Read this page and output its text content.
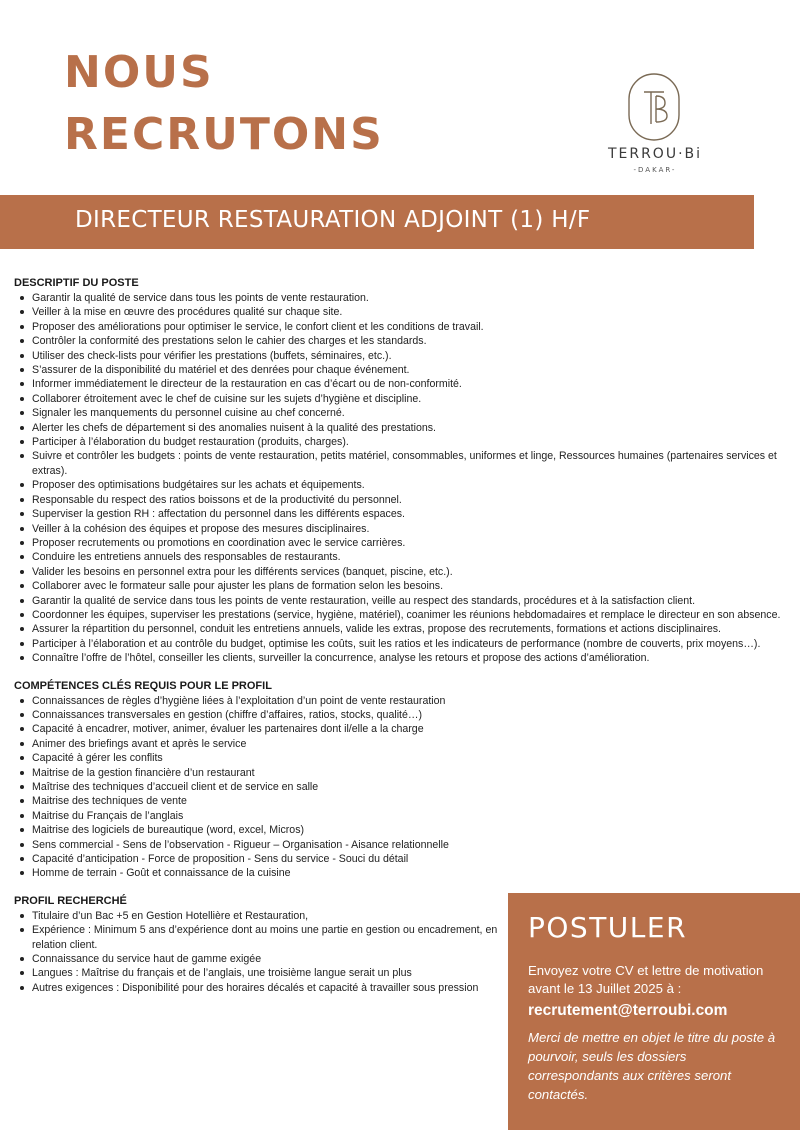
NOUS
RECRUTONS	TERROU·Bi
-DAKAR-
DIRECTEUR RESTAURATION ADJOINT (1) H/F
DESCRIPTIF DU POSTE
Garantir la qualité de service dans tous les points de vente restauration.
Veiller à la mise en œuvre des procédures qualité sur chaque site.
Proposer des améliorations pour optimiser le service, le confort client et les conditions de travail.
Contrôler la conformité des prestations selon le cahier des charges et les standards.
Utiliser des check-lists pour vérifier les prestations (buffets, séminaires, etc.).
S’assurer de la disponibilité du matériel et des denrées pour chaque événement.
Informer immédiatement le directeur de la restauration en cas d’écart ou de non-conformité.
Collaborer étroitement avec le chef de cuisine sur les sujets d’hygiène et discipline.
Signaler les manquements du personnel cuisine au chef concerné.
Alerter les chefs de département si des anomalies nuisent à la qualité des prestations.
Participer à l’élaboration du budget restauration (produits, charges).
Suivre et contrôler les budgets : points de vente restauration, petits matériel, consommables, uniformes et linge, Ressources humaines (partenaires services et extras).
Proposer des optimisations budgétaires sur les achats et équipements.
Responsable du respect des ratios boissons et de la productivité du personnel.
Superviser la gestion RH : affectation du personnel dans les différents espaces.
Veiller à la cohésion des équipes et propose des mesures disciplinaires.
Proposer recrutements ou promotions en coordination avec le service carrières.
Conduire les entretiens annuels des responsables de restaurants.
Valider les besoins en personnel extra pour les différents services (banquet, piscine, etc.).
Collaborer avec le formateur salle pour ajuster les plans de formation selon les besoins.
Garantir la qualité de service dans tous les points de vente restauration, veille au respect des standards, procédures et à la satisfaction client.
Coordonner les équipes, superviser les prestations (service, hygiène, matériel), coanimer les réunions hebdomadaires et remplace le directeur en son absence.
Assurer la répartition du personnel, conduit les entretiens annuels, valide les extras, propose des recrutements, formations et actions disciplinaires.
Participer à l’élaboration et au contrôle du budget, optimise les coûts, suit les ratios et les indicateurs de performance (nombre de couverts, prix moyens…).
Connaître l’offre de l’hôtel, conseiller les clients, surveiller la concurrence, analyse les retours et propose des actions d’amélioration.
COMPÉTENCES CLÉS REQUIS POUR LE PROFIL
Connaissances de règles d’hygiène liées à l’exploitation d’un point de vente restauration
Connaissances transversales en gestion (chiffre d’affaires, ratios, stocks, qualité…)
Capacité à encadrer, motiver, animer, évaluer les partenaires dont il/elle a la charge
Animer des briefings avant et après le service
Capacité à gérer les conflits
Maitrise de la gestion financière d’un restaurant
Maîtrise des techniques d’accueil client et de service en salle
Maitrise des techniques de vente
Maitrise du Français de l’anglais
Maitrise des logiciels de bureautique (word, excel, Micros)
Sens commercial - Sens de l’observation - Rigueur – Organisation - Aisance relationnelle
Capacité d’anticipation - Force de proposition - Sens du service - Souci du détail
Homme de terrain - Goût et connaissance de la cuisine
PROFIL RECHERCHÉ
Titulaire d’un Bac +5 en Gestion Hotellière et Restauration,
Expérience : Minimum 5 ans d’expérience dont au moins une partie en gestion ou encadrement, en relation client.
Connaissance du service haut de gamme exigée
Langues : Maîtrise du français et de l’anglais, une troisième langue serait un plus
Autres exigences : Disponibilité pour des horaires décalés et capacité à travailler sous pression
POSTULER
Envoyez votre CV et lettre de motivation avant le 13 Juillet 2025 à :
recrutement@terroubi.com
Merci de mettre en objet le titre du poste à pourvoir, seuls les dossiers correspondants aux critères seront contactés.
